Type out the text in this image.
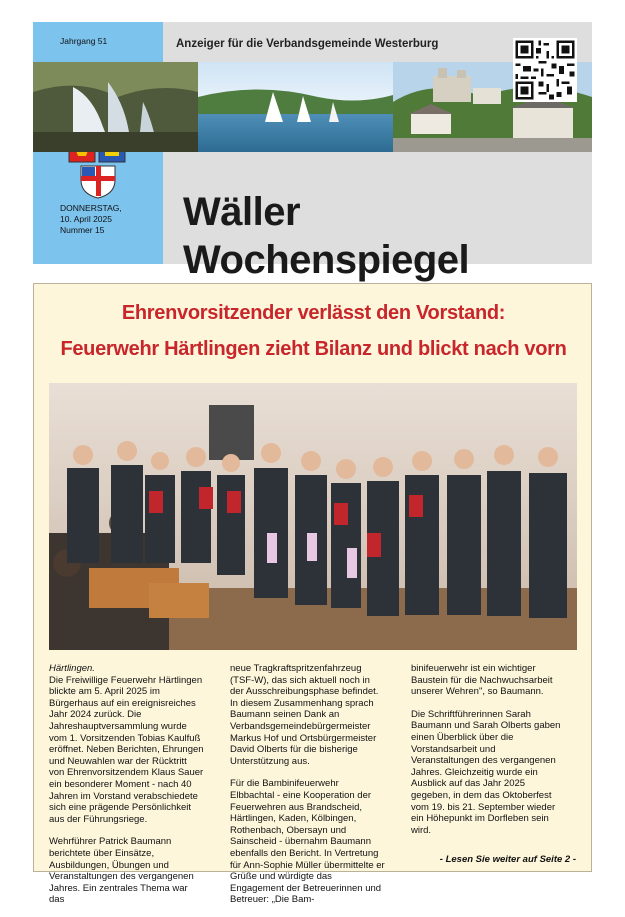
Jahrgang 51
DONNERSTAG,
10. April 2025
Nummer 15
Anzeiger für die Verbandsgemeinde Westerburg
Wäller
Wochenspiegel
Ehrenvorsitzender verlässt den Vorstand:
Feuerwehr Härtlingen zieht Bilanz und blickt nach vorn

Härtlingen.
Die Freiwillige Feuerwehr Härtlingen blickte am 5. April 2025 im Bürgerhaus auf ein ereignisreiches Jahr 2024 zurück. Die Jahreshauptversammlung wurde vom 1. Vorsitzenden Tobias Kaulfuß eröffnet. Neben Berichten, Ehrungen und Neuwahlen war der Rücktritt von Ehrenvorsitzendem Klaus Sauer ein besonderer Moment - nach 40 Jahren im Vorstand verabschiedete sich eine prägende Persönlichkeit aus der Führungsriege.

Wehrführer Patrick Baumann berichtete über Einsätze, Ausbildungen, Übungen und Veranstaltungen des vergangenen Jahres. Ein zentrales Thema war das

neue Tragkraftspritzenfahrzeug (TSF-W), das sich aktuell noch in der Ausschreibungsphase befindet. In diesem Zusammenhang sprach Baumann seinen Dank an Verbandsgemeindebürgermeister Markus Hof und Ortsbürgermeister David Olberts für die bisherige Unterstützung aus.

Für die Bambinifeuerwehr Elbbachtal - eine Kooperation der Feuerwehren aus Brandscheid, Härtlingen, Kaden, Kölbingen, Rothenbach, Obersayn und Sainscheid - übernahm Baumann ebenfalls den Bericht. In Vertretung für Ann-Sophie Müller übermittelte er Grüße und würdigte das Engagement der Betreuerinnen und Betreuer: „Die Bam-

binifeuerwehr ist ein wichtiger Baustein für die Nachwuchsarbeit unserer Wehren", so Baumann.

Die Schriftführerinnen Sarah Baumann und Sarah Olberts gaben einen Überblick über die Vorstandsarbeit und Veranstaltungen des vergangenen Jahres. Gleichzeitig wurde ein Ausblick auf das Jahr 2025 gegeben, in dem das Oktoberfest vom 19. bis 21. September wieder ein Höhepunkt im Dorfleben sein wird.

- Lesen Sie weiter auf Seite 2 -
